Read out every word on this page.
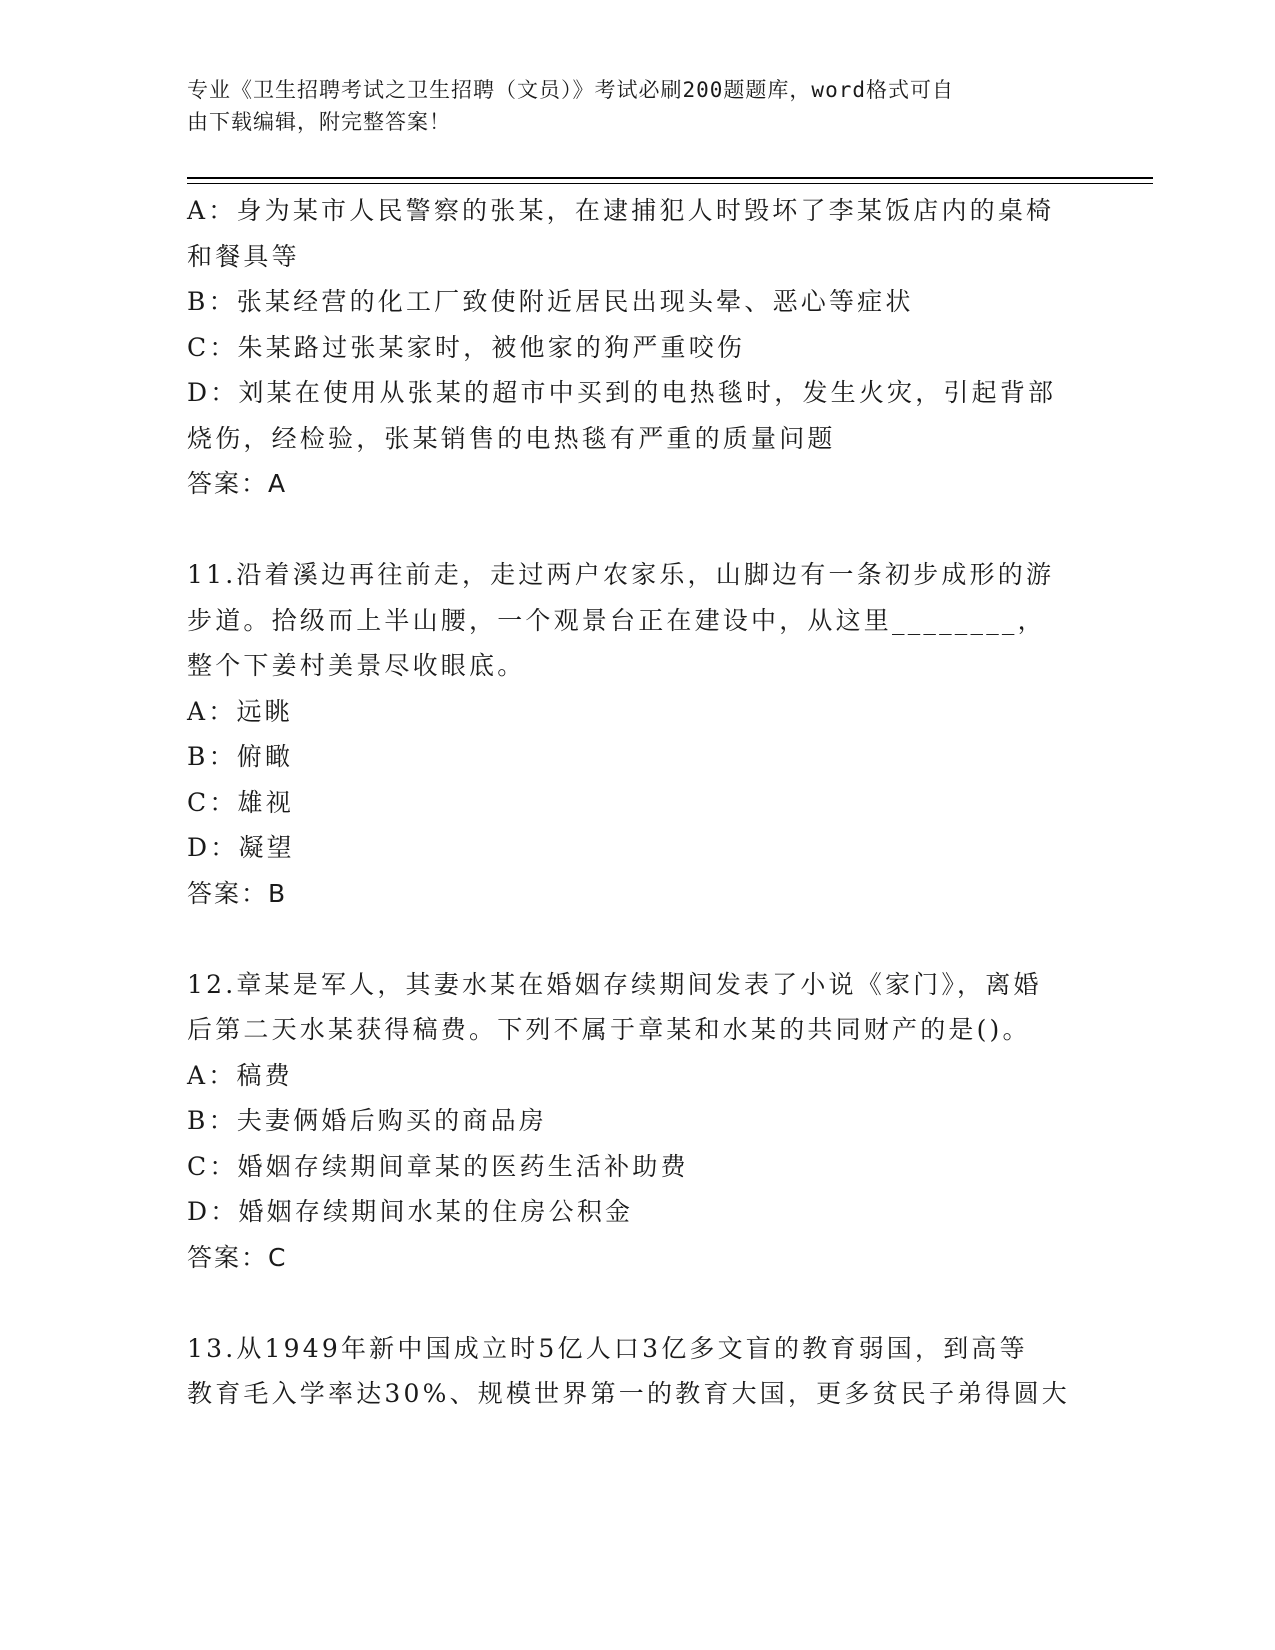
专业《卫生招聘考试之卫生招聘（文员）》考试必刷200题题库，word格式可自
由下载编辑，附完整答案！

A：身为某市人民警察的张某，在逮捕犯人时毁坏了李某饭店内的桌椅

和餐具等

B：张某经营的化工厂致使附近居民出现头晕、恶心等症状

C：朱某路过张某家时，被他家的狗严重咬伤

D：刘某在使用从张某的超市中买到的电热毯时，发生火灾，引起背部

烧伤，经检验，张某销售的电热毯有严重的质量问题

答案：A

11.沿着溪边再往前走，走过两户农家乐，山脚边有一条初步成形的游

步道。拾级而上半山腰，一个观景台正在建设中，从这里________，

整个下姜村美景尽收眼底。

A：远眺

B：俯瞰

C：雄视

D：凝望

答案：B

12.章某是军人，其妻水某在婚姻存续期间发表了小说《家门》，离婚

后第二天水某获得稿费。下列不属于章某和水某的共同财产的是()。

A：稿费

B：夫妻俩婚后购买的商品房

C：婚姻存续期间章某的医药生活补助费

D：婚姻存续期间水某的住房公积金

答案：C

13.从1949年新中国成立时5亿人口3亿多文盲的教育弱国，到高等

教育毛入学率达30%、规模世界第一的教育大国，更多贫民子弟得圆大
